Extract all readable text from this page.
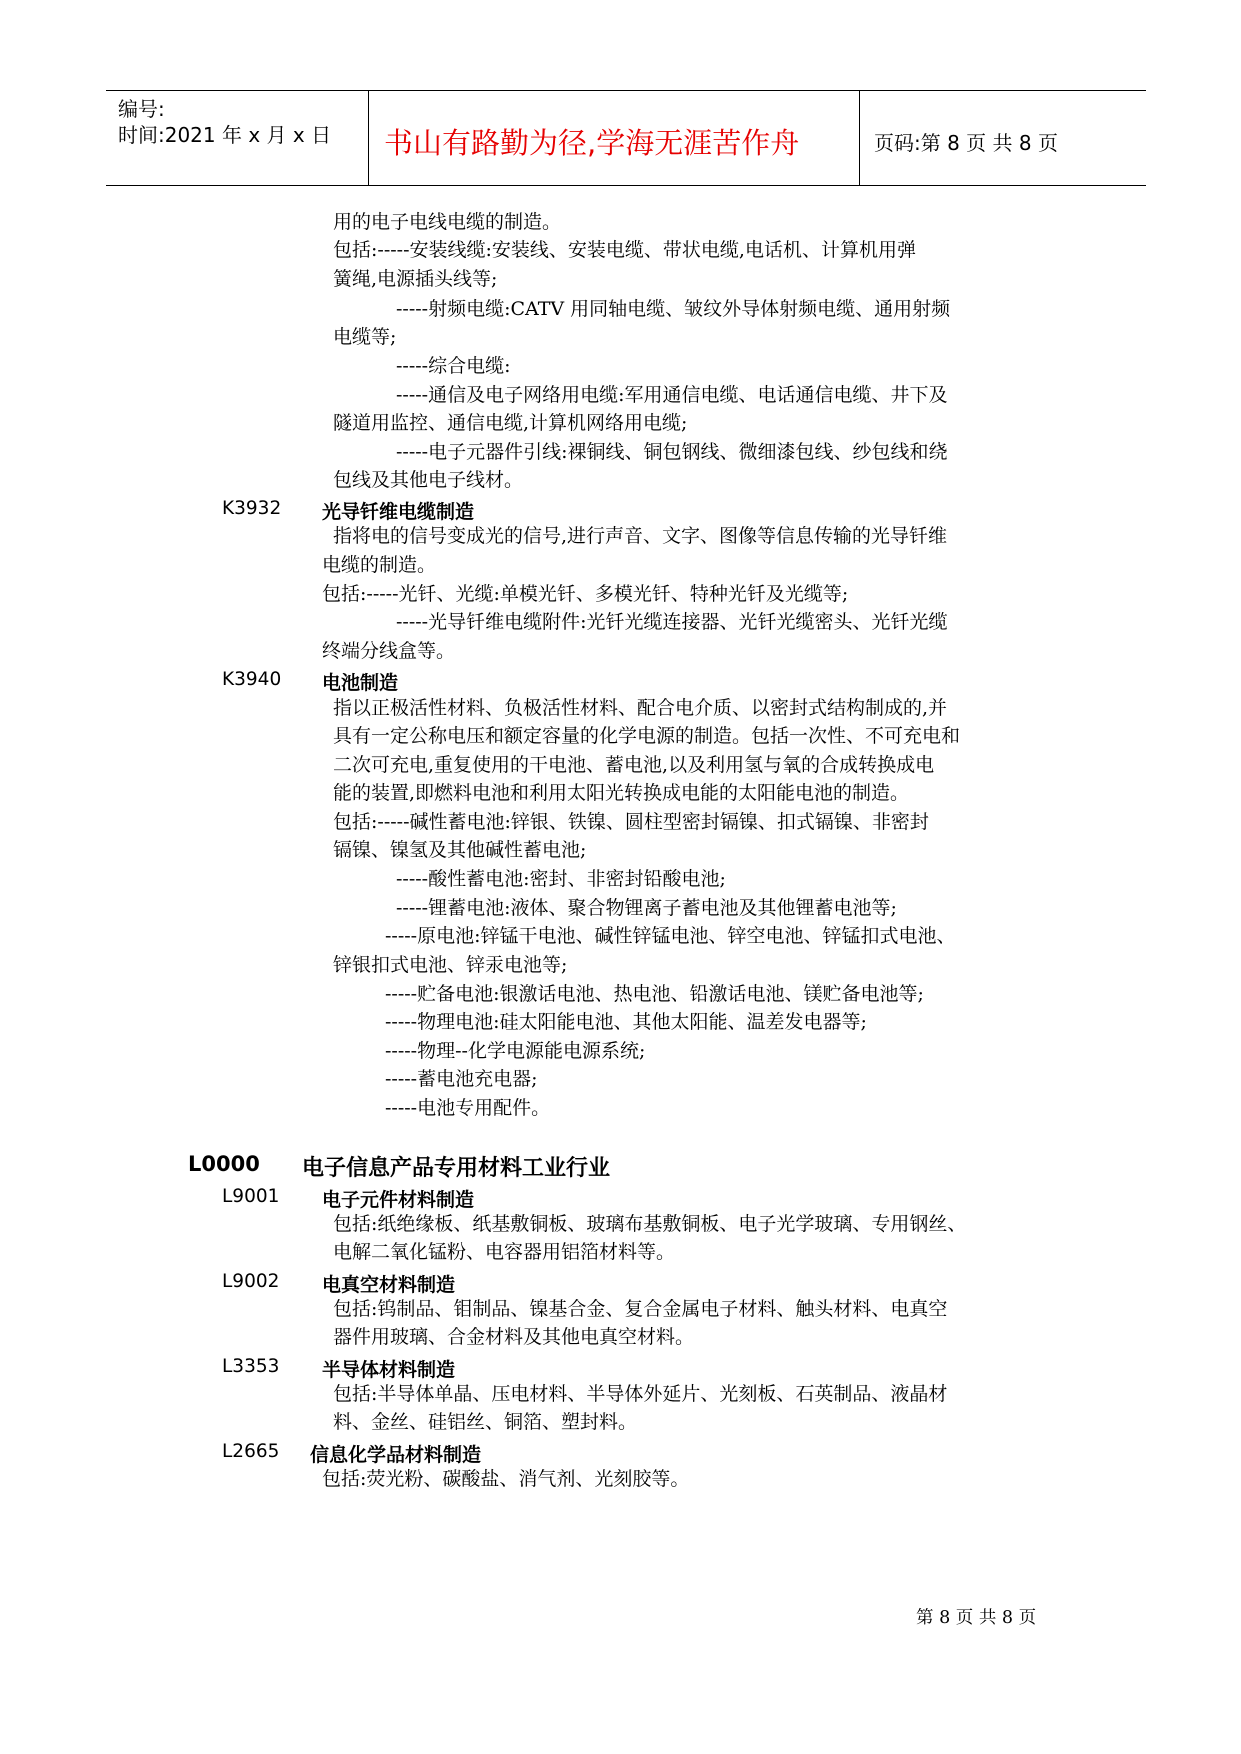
编号:
时间:2021 年 x 月 x 日 书山有路勤为径,学海无涯苦作舟	页码:第 8 页 共 8 页
用的电子电线电缆的制造。
包括:-----安装线缆:安装线、安装电缆、带状电缆,电话机、计算机用弹
簧绳,电源插头线等;
-----射频电缆:CATV 用同轴电缆、皱纹外导体射频电缆、通用射频
电缆等;
-----综合电缆:
-----通信及电子网络用电缆:军用通信电缆、电话通信电缆、井下及
隧道用监控、通信电缆,计算机网络用电缆;
-----电子元器件引线:裸铜线、铜包钢线、微细漆包线、纱包线和绕
包线及其他电子线材。
K3932 光导钎维电缆制造
指将电的信号变成光的信号,进行声音、文字、图像等信息传输的光导钎维
电缆的制造。
包括:-----光钎、光缆:单模光钎、多模光钎、特种光钎及光缆等;
-----光导钎维电缆附件:光钎光缆连接器、光钎光缆密头、光钎光缆
终端分线盒等。
K3940 电池制造
指以正极活性材料、负极活性材料、配合电介质、以密封式结构制成的,并
具有一定公称电压和额定容量的化学电源的制造。包括一次性、不可充电和
二次可充电,重复使用的干电池、蓄电池,以及利用氢与氧的合成转换成电
能的装置,即燃料电池和利用太阳光转换成电能的太阳能电池的制造。
包括:-----碱性蓄电池:锌银、铁镍、圆柱型密封镉镍、扣式镉镍、非密封
镉镍、镍氢及其他碱性蓄电池;
-----酸性蓄电池:密封、非密封铅酸电池;
-----锂蓄电池:液体、聚合物锂离子蓄电池及其他锂蓄电池等;
-----原电池:锌锰干电池、碱性锌锰电池、锌空电池、锌锰扣式电池、
锌银扣式电池、锌汞电池等;
-----贮备电池:银激话电池、热电池、铅激话电池、镁贮备电池等;
-----物理电池:硅太阳能电池、其他太阳能、温差发电器等;
-----物理--化学电源能电源系统;
-----蓄电池充电器;
-----电池专用配件。
L0000 电子信息产品专用材料工业行业
L9001 电子元件材料制造
包括:纸绝缘板、纸基敷铜板、玻璃布基敷铜板、电子光学玻璃、专用钢丝、
电解二氧化锰粉、电容器用铝箔材料等。
L9002 电真空材料制造
包括:钨制品、钼制品、镍基合金、复合金属电子材料、触头材料、电真空
器件用玻璃、合金材料及其他电真空材料。
L3353 半导体材料制造
包括:半导体单晶、压电材料、半导体外延片、光刻板、石英制品、液晶材
料、金丝、硅铝丝、铜箔、塑封料。
L2665 信息化学品材料制造
包括:荧光粉、碳酸盐、消气剂、光刻胶等。
第 8 页 共 8 页
